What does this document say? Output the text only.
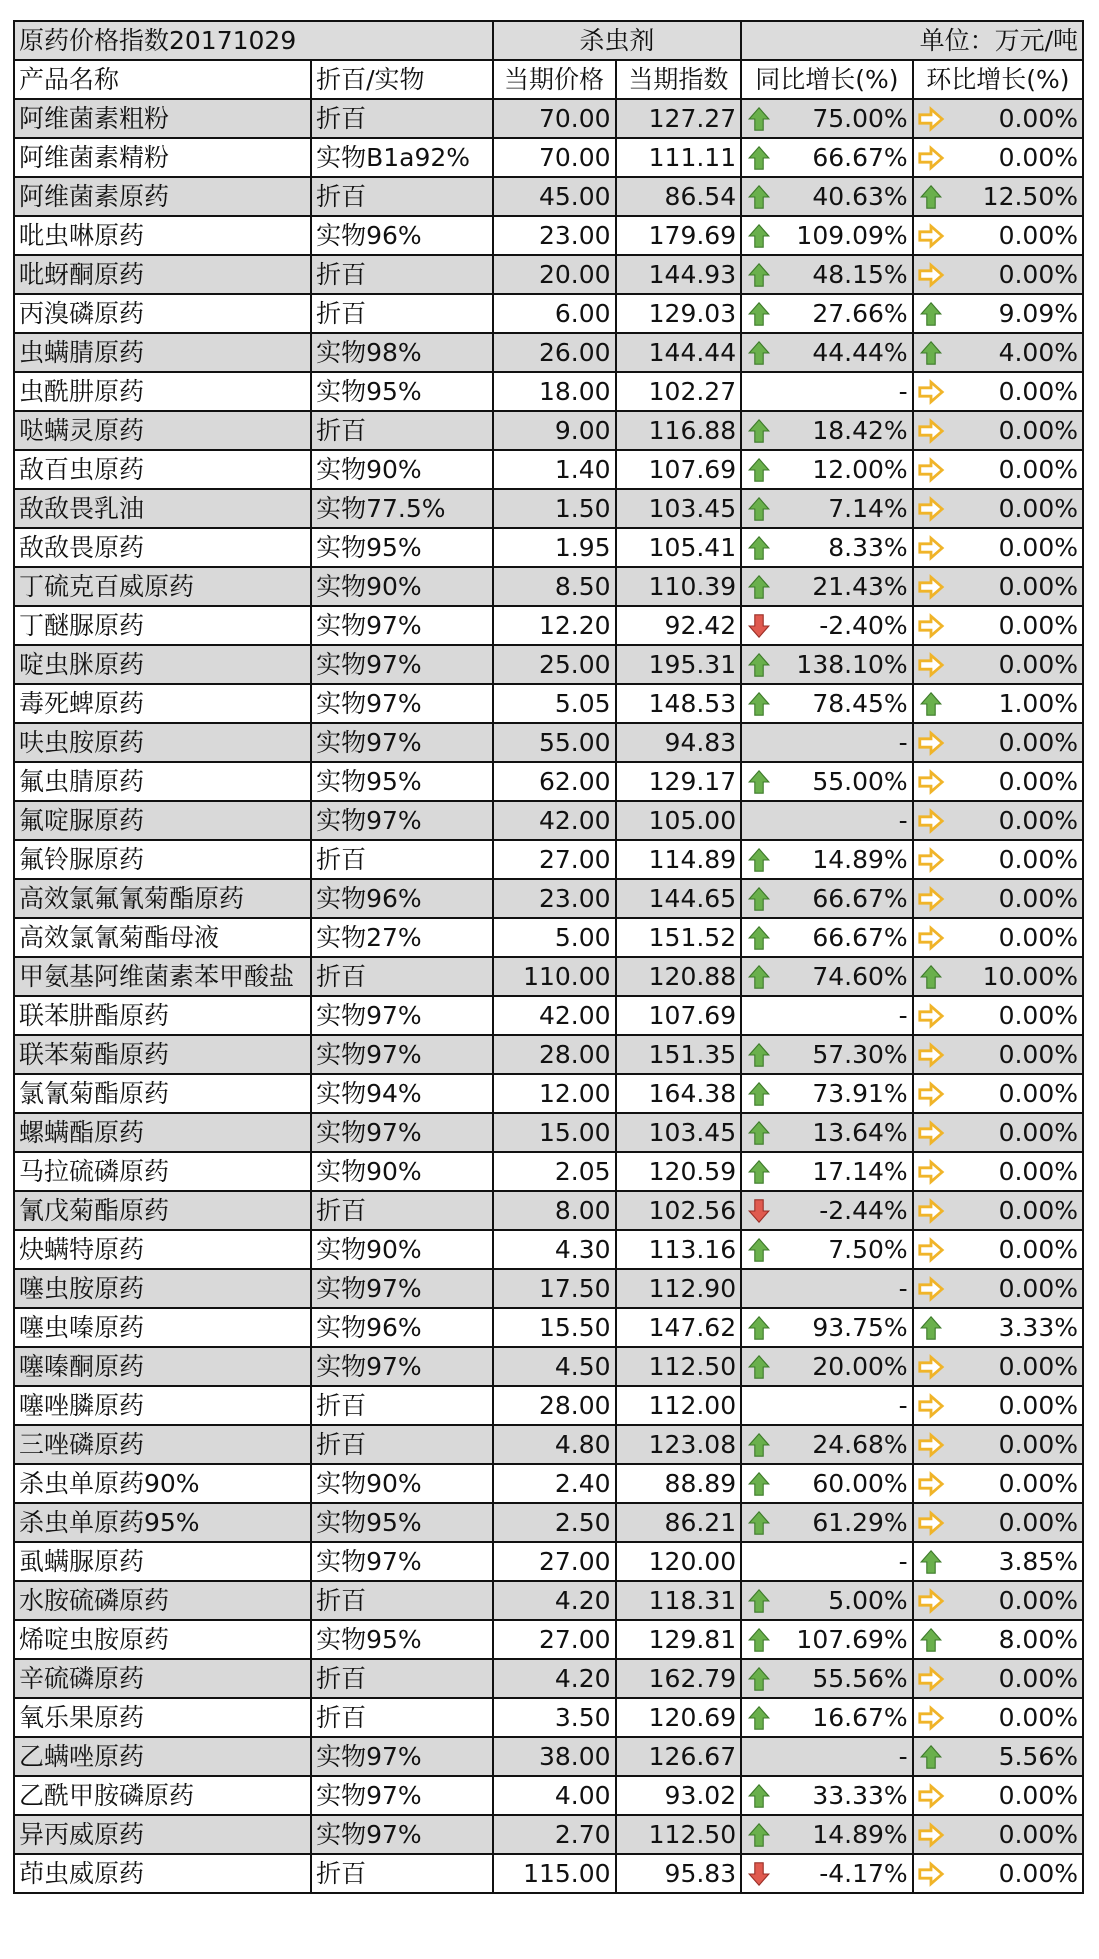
原药价格指数20171029		杀虫剂		单位：万元/吨	
产品名称	折百/实物	当期价格	当期指数	同比增长(%)	环比增长(%)
阿维菌素粗粉	折百	70.00	127.27	75.00%	0.00%

阿维菌素精粉	实物B1a92%	70.00	111.11	66.67%	0.00%

阿维菌素原药	折百	45.00	86.54	40.63%	12.50%

吡虫啉原药	实物96%	23.00	179.69	109.09%	0.00%

吡蚜酮原药	折百	20.00	144.93	48.15%	0.00%

丙溴磷原药	折百	6.00	129.03	27.66%	9.09%

虫螨腈原药	实物98%	26.00	144.44	44.44%	4.00%

虫酰肼原药	实物95%	18.00	102.27	-	0.00%

哒螨灵原药	折百	9.00	116.88	18.42%	0.00%

敌百虫原药	实物90%	1.40	107.69	12.00%	0.00%

敌敌畏乳油	实物77.5%	1.50	103.45	7.14%	0.00%

敌敌畏原药	实物95%	1.95	105.41	8.33%	0.00%

丁硫克百威原药	实物90%	8.50	110.39	21.43%	0.00%

丁醚脲原药	实物97%	12.20	92.42	-2.40%	0.00%

啶虫脒原药	实物97%	25.00	195.31	138.10%	0.00%

毒死蜱原药	实物97%	5.05	148.53	78.45%	1.00%

呋虫胺原药	实物97%	55.00	94.83	-	0.00%

氟虫腈原药	实物95%	62.00	129.17	55.00%	0.00%

氟啶脲原药	实物97%	42.00	105.00	-	0.00%

氟铃脲原药	折百	27.00	114.89	14.89%	0.00%

高效氯氟氰菊酯原药	实物96%	23.00	144.65	66.67%	0.00%

高效氯氰菊酯母液	实物27%	5.00	151.52	66.67%	0.00%

甲氨基阿维菌素苯甲酸盐	折百	110.00	120.88	74.60%	10.00%

联苯肼酯原药	实物97%	42.00	107.69	-	0.00%

联苯菊酯原药	实物97%	28.00	151.35	57.30%	0.00%

氯氰菊酯原药	实物94%	12.00	164.38	73.91%	0.00%

螺螨酯原药	实物97%	15.00	103.45	13.64%	0.00%

马拉硫磷原药	实物90%	2.05	120.59	17.14%	0.00%

氰戊菊酯原药	折百	8.00	102.56	-2.44%	0.00%

炔螨特原药	实物90%	4.30	113.16	7.50%	0.00%

噻虫胺原药	实物97%	17.50	112.90	-	0.00%

噻虫嗪原药	实物96%	15.50	147.62	93.75%	3.33%

噻嗪酮原药	实物97%	4.50	112.50	20.00%	0.00%

噻唑膦原药	折百	28.00	112.00	-	0.00%

三唑磷原药	折百	4.80	123.08	24.68%	0.00%

杀虫单原药90%	实物90%	2.40	88.89	60.00%	0.00%

杀虫单原药95%	实物95%	2.50	86.21	61.29%	0.00%

虱螨脲原药	实物97%	27.00	120.00	-	3.85%

水胺硫磷原药	折百	4.20	118.31	5.00%	0.00%

烯啶虫胺原药	实物95%	27.00	129.81	107.69%	8.00%

辛硫磷原药	折百	4.20	162.79	55.56%	0.00%

氧乐果原药	折百	3.50	120.69	16.67%	0.00%

乙螨唑原药	实物97%	38.00	126.67	-	5.56%

乙酰甲胺磷原药	实物97%	4.00	93.02	33.33%	0.00%

异丙威原药	实物97%	2.70	112.50	14.89%	0.00%

茚虫威原药	折百	115.00	95.83	-4.17%	0.00%
